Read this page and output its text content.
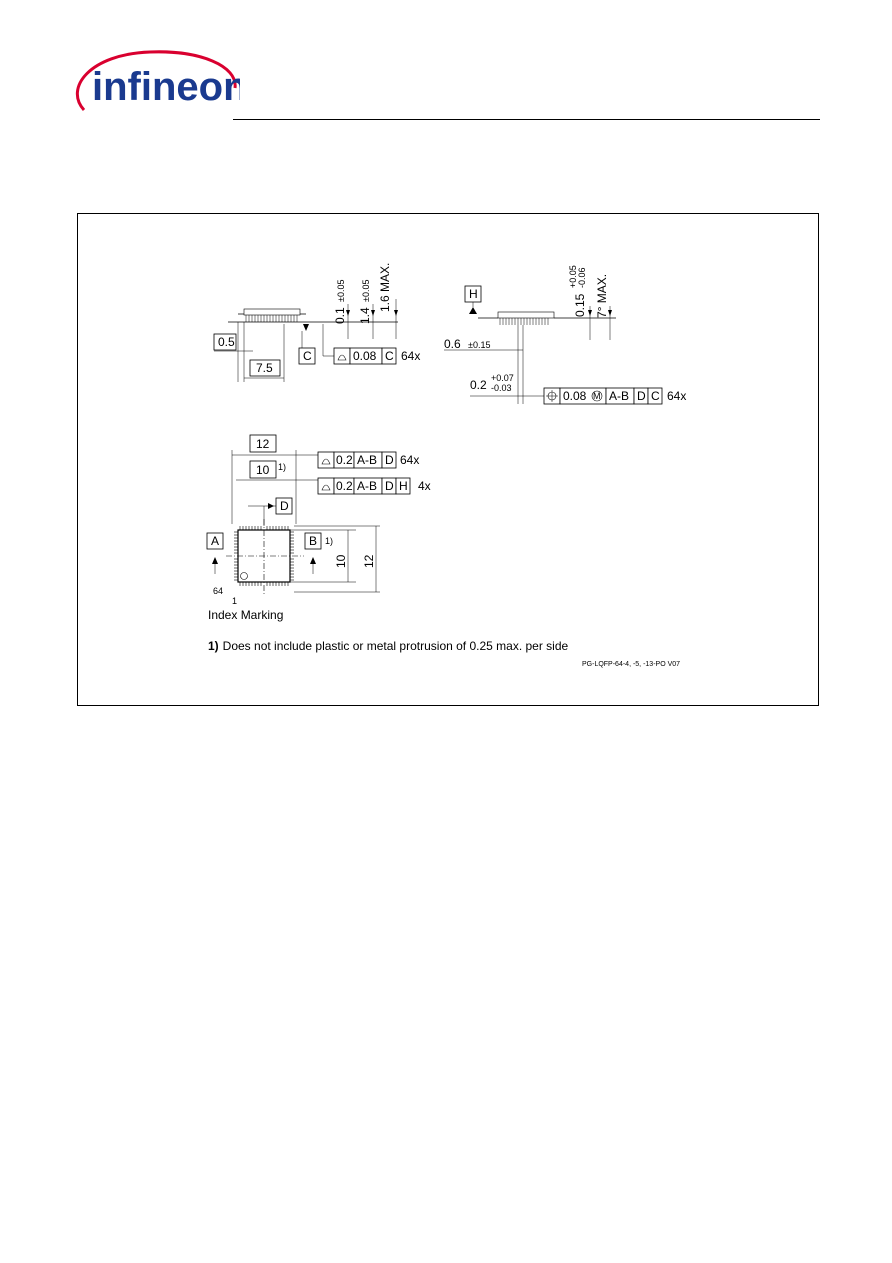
infineon
±0.05
0.1
±0.05
1.4
1.6 MAX.
0.5
7.5
C	0.08 C 64x
H
+0.05 -0.06
0.15 7° MAX.
0.6 ±0.15
0.2 +0.07
-0.03
0.08 M A-B D C 64x
12
10 1)	0.2 A-B D 64x
0.2 A-B D H 4x
D
A	B 1)
10 12
64
1
Index Marking
1) Does not include plastic or metal protrusion of 0.25 max. per side
PG-LQFP-64-4, -5, -13-PO V07
